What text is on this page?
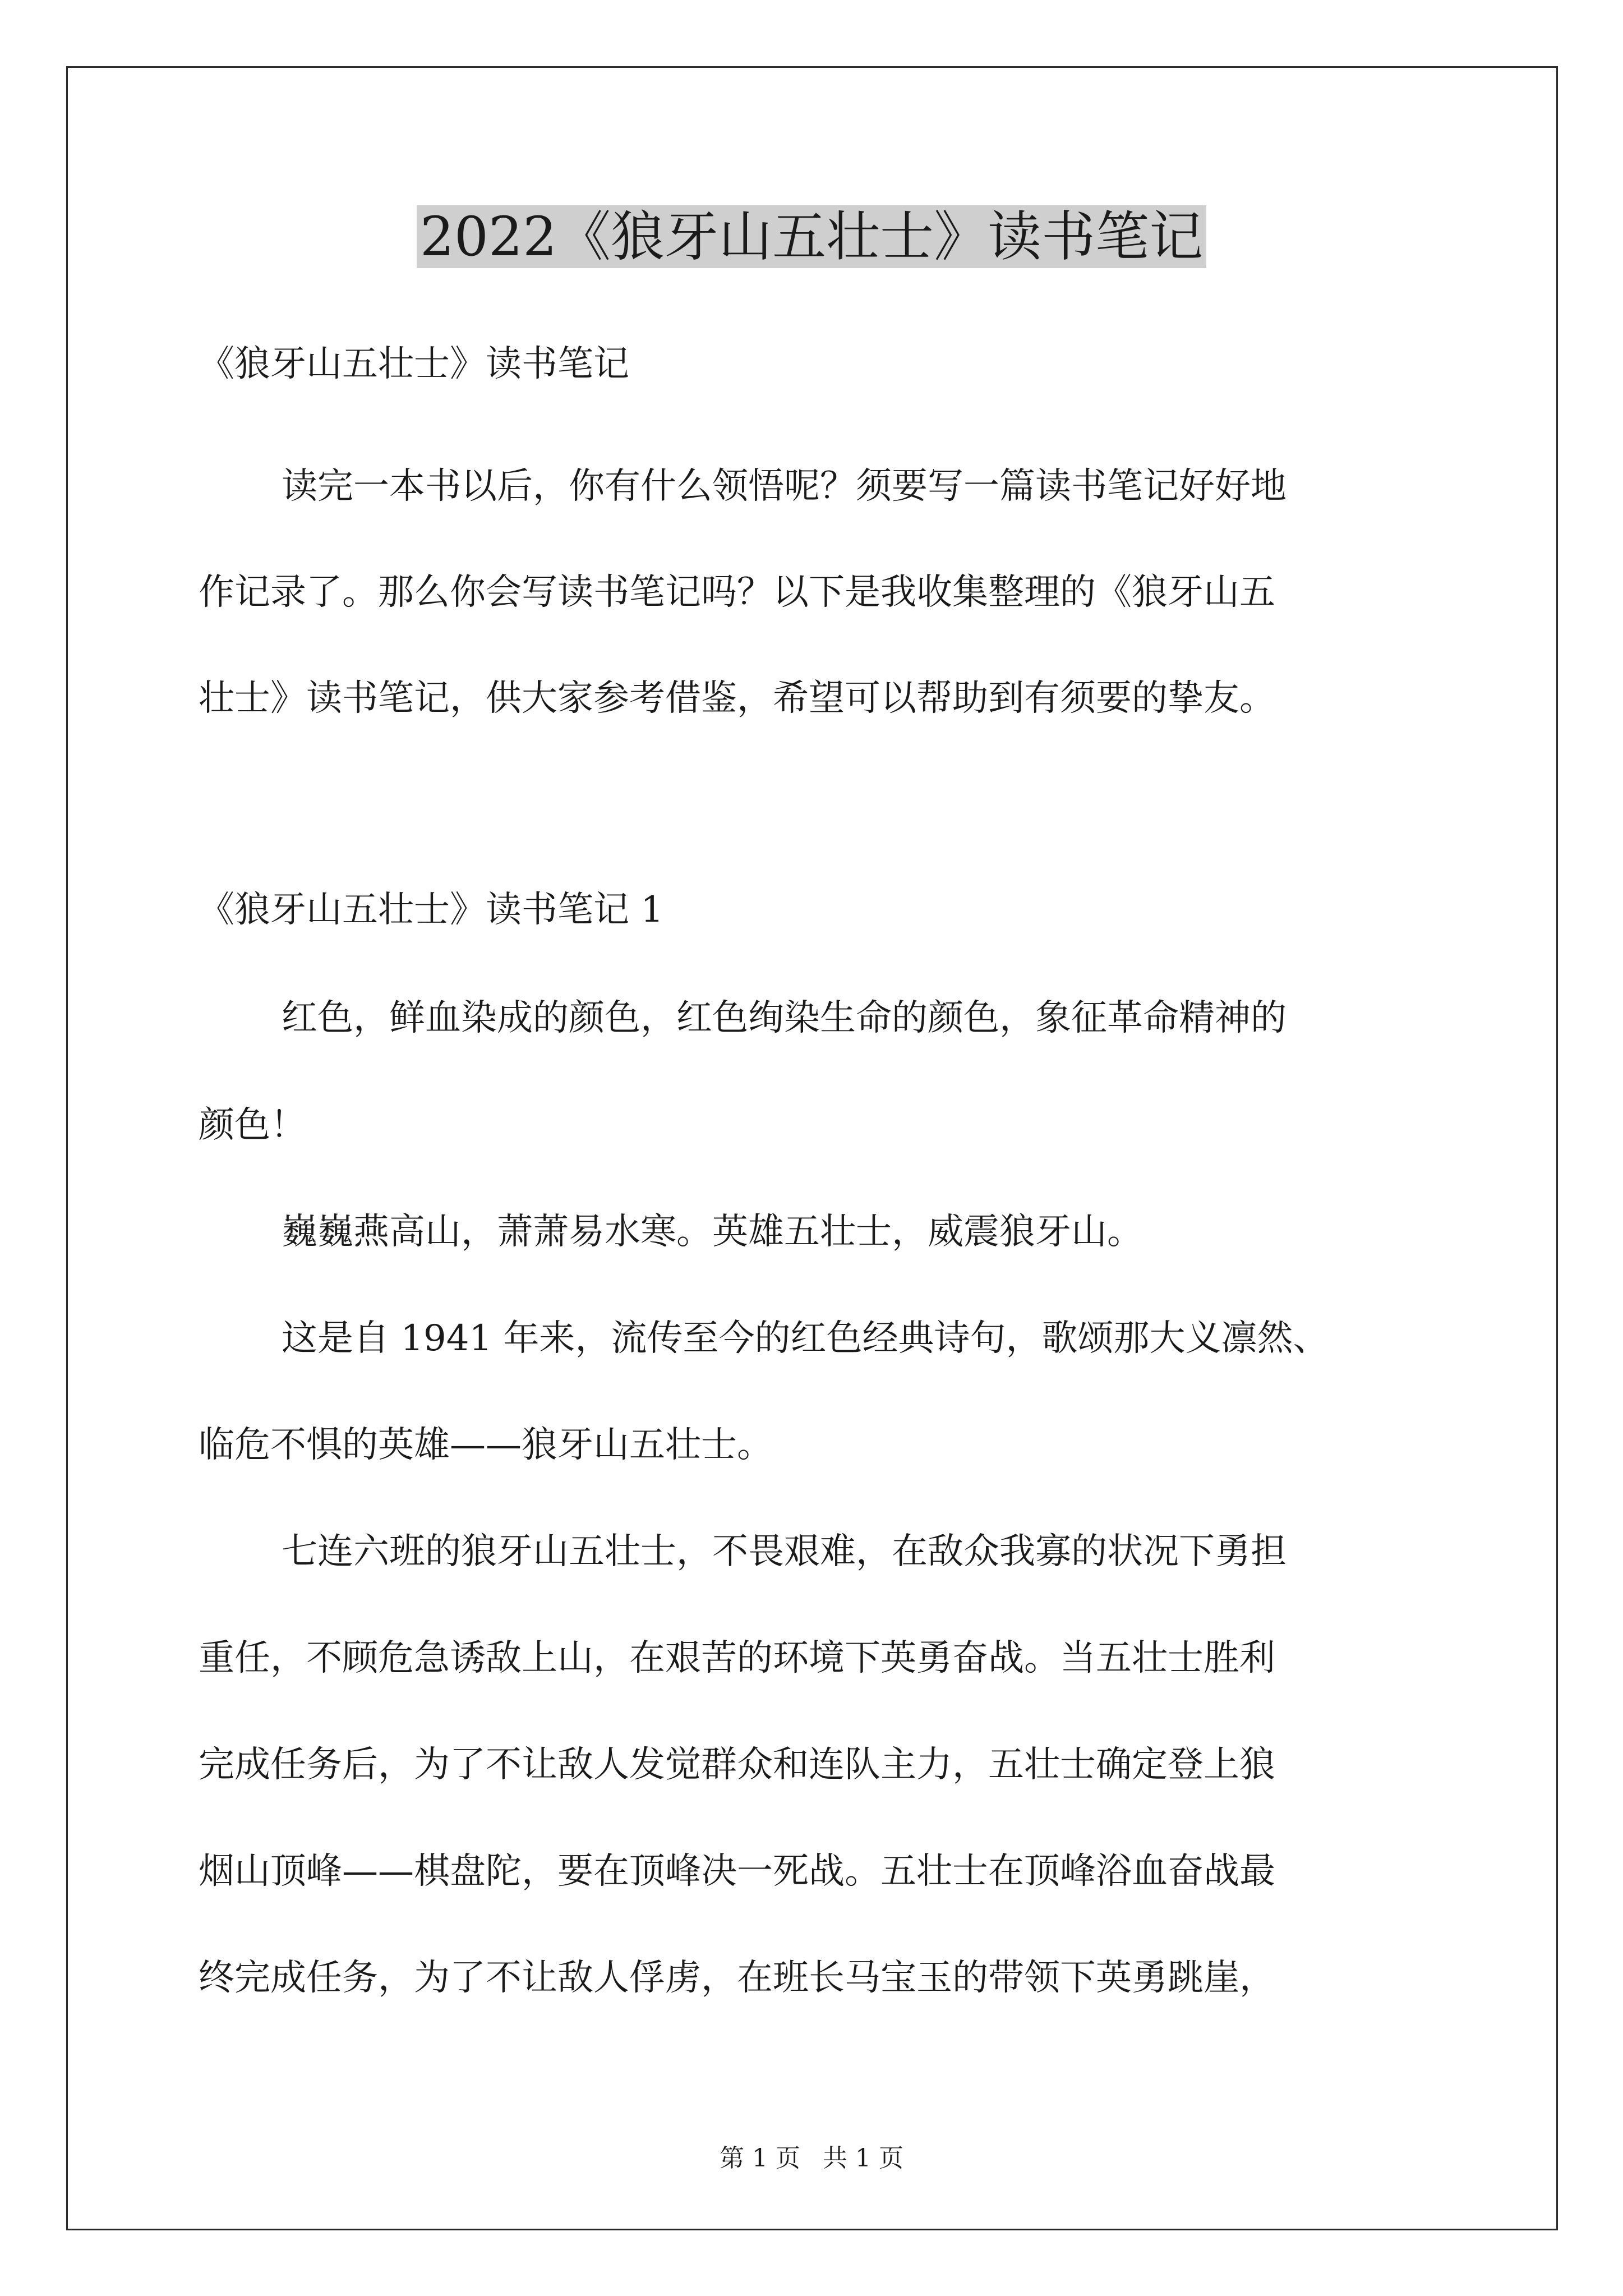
2022《狼牙山五壮士》读书笔记

《狼牙山五壮士》读书笔记

读完一本书以后，你有什么领悟呢？须要写一篇读书笔记好好地

作记录了。那么你会写读书笔记吗？以下是我收集整理的《狼牙山五

壮士》读书笔记，供大家参考借鉴，希望可以帮助到有须要的挚友。

《狼牙山五壮士》读书笔记 1

红色，鲜血染成的颜色，红色绚染生命的颜色，象征革命精神的

颜色！

巍巍燕高山，萧萧易水寒。英雄五壮士，威震狼牙山。

这是自 1941 年来，流传至今的红色经典诗句，歌颂那大义凛然、

临危不惧的英雄——狼牙山五壮士。

七连六班的狼牙山五壮士，不畏艰难，在敌众我寡的状况下勇担

重任，不顾危急诱敌上山，在艰苦的环境下英勇奋战。当五壮士胜利

完成任务后，为了不让敌人发觉群众和连队主力，五壮士确定登上狼

烟山顶峰——棋盘陀，要在顶峰决一死战。五壮士在顶峰浴血奋战最

终完成任务，为了不让敌人俘虏，在班长马宝玉的带领下英勇跳崖，

第 1 页 共 1 页
